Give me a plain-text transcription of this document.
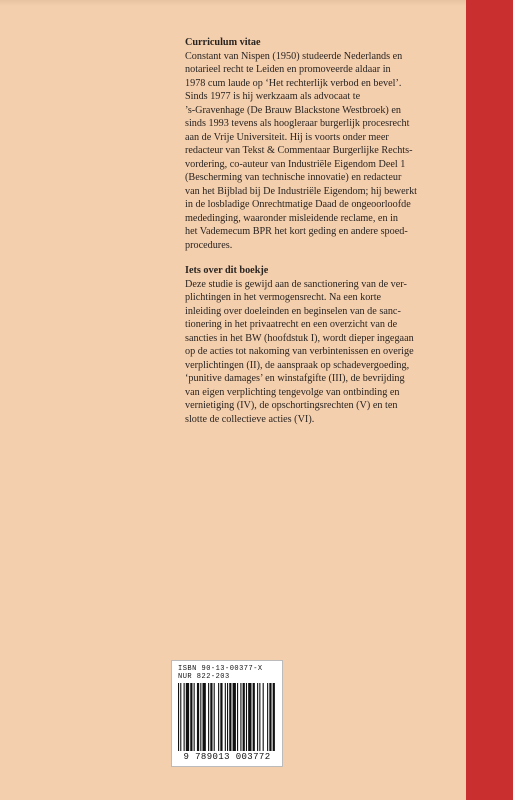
Curriculum vitae

Constant van Nispen (1950) studeerde Nederlands en
notarieel recht te Leiden en promoveerde aldaar in
1978 cum laude op ‘Het rechterlijk verbod en bevel’.
Sinds 1977 is hij werkzaam als advocaat te
’s-Gravenhage (De Brauw Blackstone Westbroek) en
sinds 1993 tevens als hoogleraar burgerlijk procesrecht
aan de Vrije Universiteit. Hij is voorts onder meer
redacteur van Tekst & Commentaar Burgerlijke Rechts-
vordering, co-auteur van Industriële Eigendom Deel 1
(Bescherming van technische innovatie) en redacteur
van het Bijblad bij De Industriële Eigendom; hij bewerkt
in de losbladige Onrechtmatige Daad de ongeoorloofde
mededinging, waaronder misleidende reclame, en in
het Vademecum BPR het kort geding en andere spoed-
procedures.

Iets over dit boekje

Deze studie is gewijd aan de sanctionering van de ver-
plichtingen in het vermogensrecht. Na een korte
inleiding over doeleinden en beginselen van de sanc-
tionering in het privaatrecht en een overzicht van de
sancties in het BW (hoofdstuk I), wordt dieper ingegaan
op de acties tot nakoming van verbintenissen en overige
verplichtingen (II), de aanspraak op schadevergoeding,
‘punitive damages’ en winstafgifte (III), de bevrijding
van eigen verplichting tengevolge van ontbinding en
vernietiging (IV), de opschortingsrechten (V) en ten
slotte de collectieve acties (VI).

ISBN 90-13-00377-X
NUR 822-203
9 789013 003772
